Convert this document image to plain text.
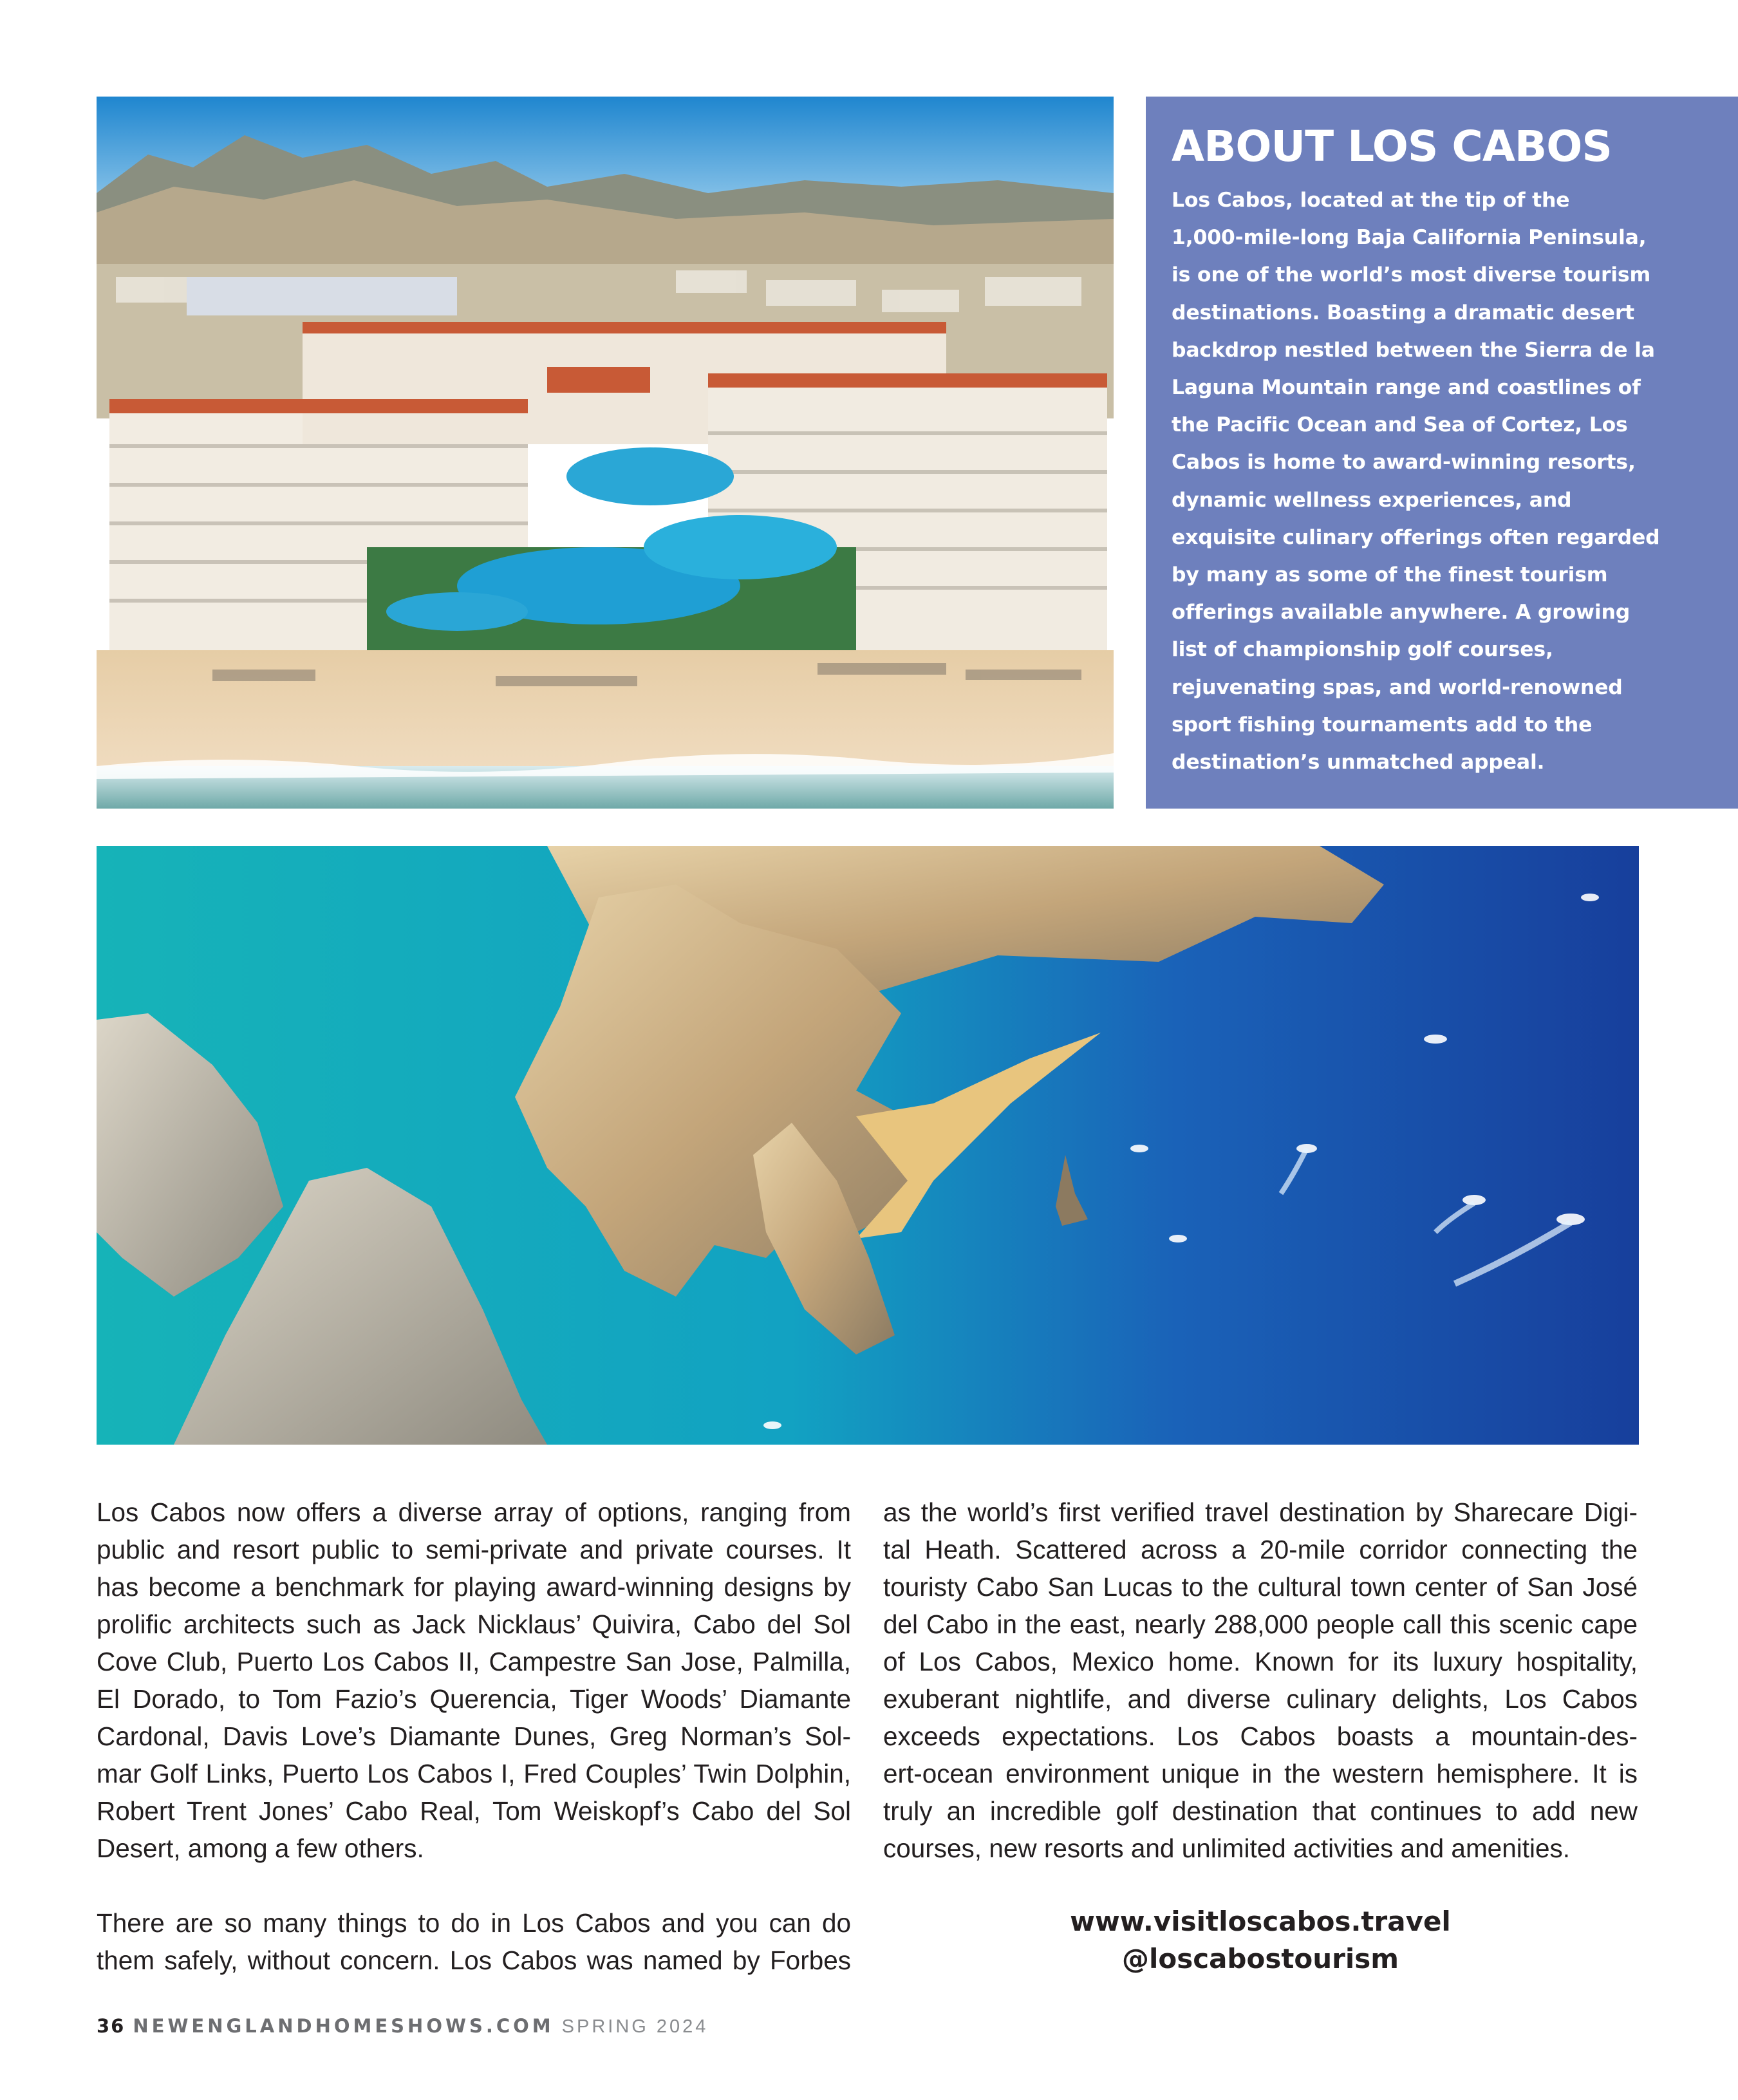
ABOUT LOS CABOS
Los Cabos, located at the tip of the
1,000-mile-long Baja California Peninsula,
is one of the world’s most diverse tourism
destinations. Boasting a dramatic desert
backdrop nestled between the Sierra de la
Laguna Mountain range and coastlines of
the Pacific Ocean and Sea of Cortez, Los
Cabos is home to award-winning resorts,
dynamic wellness experiences, and
exquisite culinary offerings often regarded
by many as some of the finest tourism
offerings available anywhere. A growing
list of championship golf courses,
rejuvenating spas, and world-renowned
sport fishing tournaments add to the
destination’s unmatched appeal.
Los Cabos now offers a diverse array of options, ranging from
public and resort public to semi-private and private courses. It
has become a benchmark for playing award-winning designs by
prolific architects such as Jack Nicklaus’ Quivira, Cabo del Sol
Cove Club, Puerto Los Cabos II, Campestre San Jose, Palmilla,
El Dorado, to Tom Fazio’s Querencia, Tiger Woods’ Diamante
Cardonal, Davis Love’s Diamante Dunes, Greg Norman’s Sol-
mar Golf Links, Puerto Los Cabos I, Fred Couples’ Twin Dolphin,
Robert Trent Jones’ Cabo Real, Tom Weiskopf’s Cabo del Sol
Desert, among a few others.
There are so many things to do in Los Cabos and you can do
them safely, without concern. Los Cabos was named by Forbes
as the world’s first verified travel destination by Sharecare Digi-
tal Heath. Scattered across a 20-mile corridor connecting the
touristy Cabo San Lucas to the cultural town center of San José
del Cabo in the east, nearly 288,000 people call this scenic cape
of Los Cabos, Mexico home. Known for its luxury hospitality,
exuberant nightlife, and diverse culinary delights, Los Cabos
exceeds expectations. Los Cabos boasts a mountain-des-
ert-ocean environment unique in the western hemisphere. It is
truly an incredible golf destination that continues to add new
courses, new resorts and unlimited activities and amenities.
www.visitloscabos.travel
@loscabostourism
36 NEWENGLANDHOMESHOWS.COM SPRING 2024
